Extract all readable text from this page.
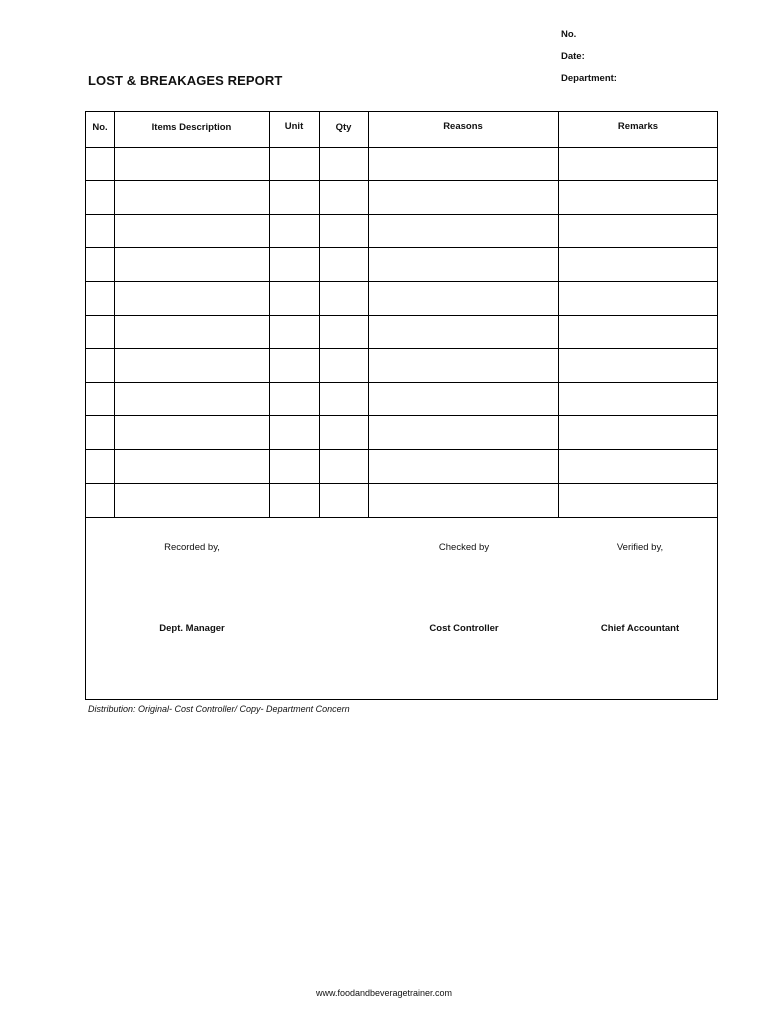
No.
Date:
Department:
LOST & BREAKAGES REPORT
No.	Items Description	Unit	Qty	Reasons	Remarks
Recorded by,	Checked by	Verified by,
Dept. Manager	Cost Controller	Chief Accountant
Distribution: Original- Cost Controller/ Copy- Department Concern
www.foodandbeveragetrainer.com
